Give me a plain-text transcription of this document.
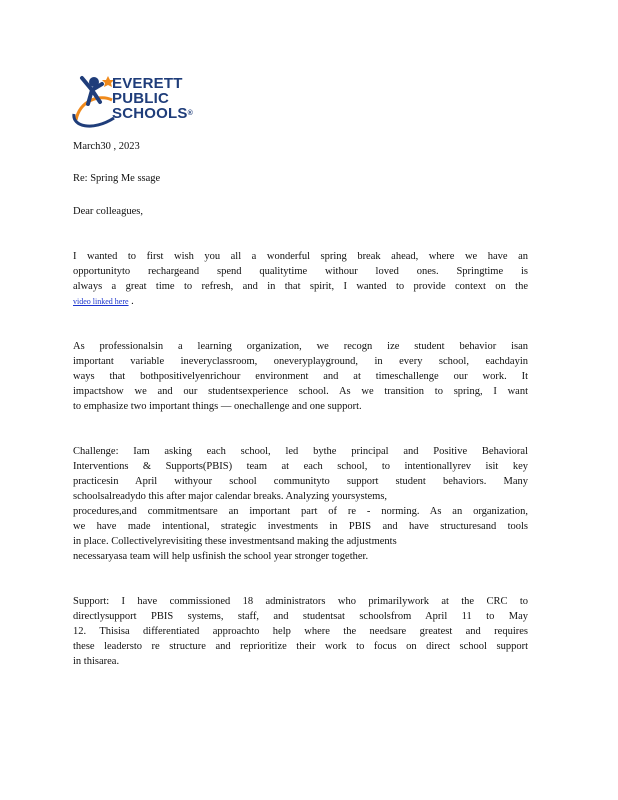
EVERETT
PUBLIC
SCHOOLS®
March30 , 2023
Re: Spring Me ssage
Dear colleagues,
I wanted to first wish you all a wonderful spring break ahead, where we have an
opportunityto rechargeand spend qualitytime withour loved ones. Springtime is
always a great time to refresh, and in that spirit, I wanted to provide context on the
video linked here .
As professionalsin a learning organization, we recogn ize student behavior isan
important variable ineveryclassroom, oneveryplayground, in every school, eachdayin
ways that bothpositivelyenrichour environment and at timeschallenge our work. It
impactshow we and our studentsexperience school. As we transition to spring, I want
to emphasize two important things — onechallenge and one support.
Challenge: Iam asking each school, led bythe principal and Positive Behavioral
Interventions & Supports(PBIS) team at each school, to intentionallyrev isit key
practicesin April withyour school communityto support student behaviors. Many
schoolsalreadydo this after major calendar breaks. Analyzing yoursystems,
procedures,and commitmentsare an important part of re - norming. As an organization,
we have made intentional, strategic investments in PBIS and have structuresand tools
in place. Collectivelyrevisiting these investmentsand making the adjustments
necessaryasa team will help usfinish the school year stronger together.
Support: I have commissioned 18 administrators who primarilywork at the CRC to
directlysupport PBIS systems, staff, and studentsat schoolsfrom April 11 to May
12. Thisisa differentiated approachto help where the needsare greatest and requires
these leadersto re structure and reprioritize their work to focus on direct school support
in thisarea.
